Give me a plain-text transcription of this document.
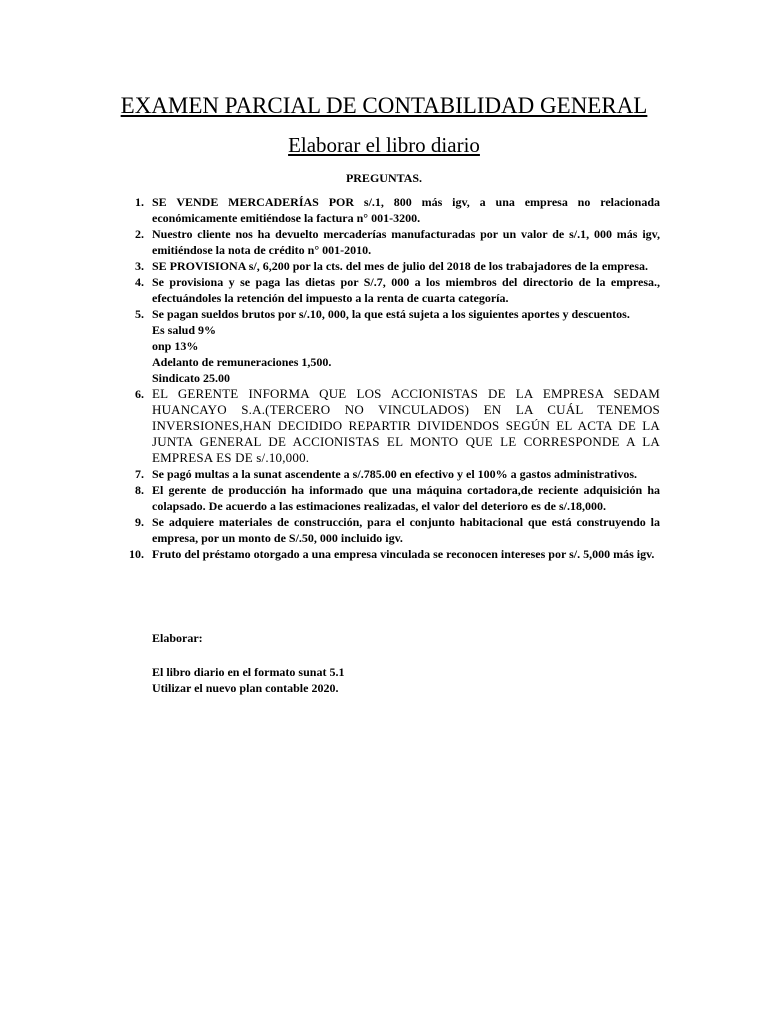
EXAMEN PARCIAL DE CONTABILIDAD GENERAL
Elaborar el libro diario
PREGUNTAS.
1. SE VENDE MERCADERÍAS POR s/.1, 800 más igv, a una empresa no relacionada económicamente emitiéndose la factura n° 001-3200.
2. Nuestro cliente nos ha devuelto mercaderías manufacturadas por un valor de s/.1, 000 más igv, emitiéndose la nota de crédito n° 001-2010.
3. SE PROVISIONA s/, 6,200 por la cts. del mes de julio del 2018 de los trabajadores de la empresa.
4. Se provisiona y se paga las dietas por S/.7, 000 a los miembros del directorio de la empresa., efectuándoles la retención del impuesto a la renta de cuarta categoría.
5. Se pagan sueldos brutos por s/.10, 000, la que está sujeta a los siguientes aportes y descuentos.
Es salud 9%
onp 13%
Adelanto de remuneraciones 1,500.
Sindicato 25.00
6. EL GERENTE INFORMA QUE LOS ACCIONISTAS DE LA EMPRESA SEDAM HUANCAYO S.A.(TERCERO NO VINCULADOS) EN LA CUÁL TENEMOS INVERSIONES,HAN DECIDIDO REPARTIR DIVIDENDOS SEGÚN EL ACTA DE LA JUNTA GENERAL DE ACCIONISTAS EL MONTO QUE LE CORRESPONDE A LA EMPRESA ES DE s/.10,000.
7. Se pagó multas a la sunat ascendente a s/.785.00 en efectivo y el 100% a gastos administrativos.
8. El gerente de producción ha informado que una máquina cortadora,de reciente adquisición ha colapsado. De acuerdo a las estimaciones realizadas, el valor del deterioro es de s/.18,000.
9. Se adquiere materiales de construcción, para el conjunto habitacional que está construyendo la empresa, por un monto de S/.50, 000 incluido igv.
10. Fruto del préstamo otorgado a una empresa vinculada se reconocen intereses por s/. 5,000 más igv.
Elaborar:
El libro diario en el formato sunat 5.1
Utilizar el nuevo plan contable 2020.
